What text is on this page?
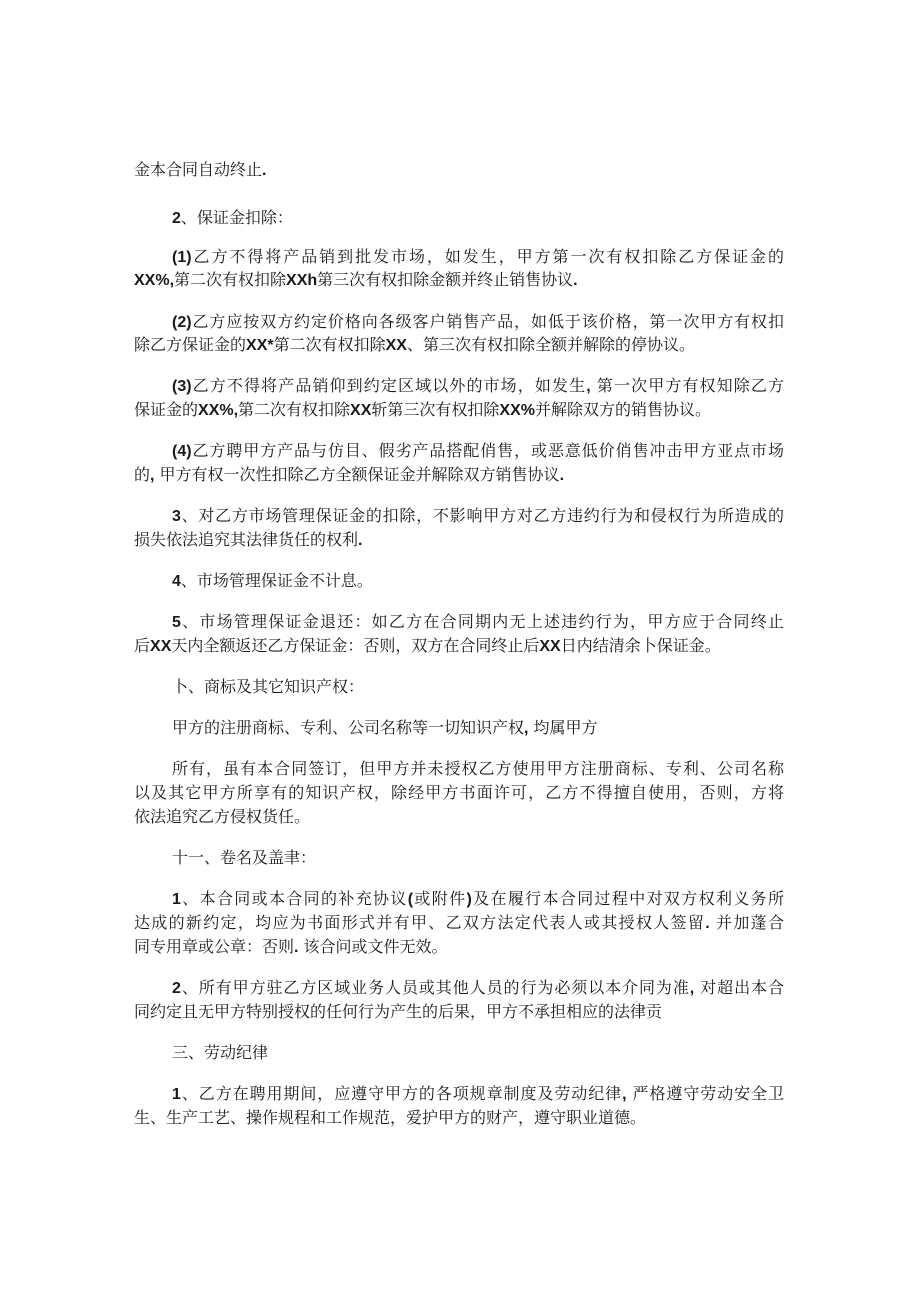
金本合同自动终止.
2、保证金扣除：
(1)乙方不得将产品销到批发市场，如发生，甲方第一次有权扣除乙方保证金的
XX%,第二次有权扣除XXh第三次有权扣除金额并终止销售协议.
(2)乙方应按双方约定价格向各级客户销售产品，如低于该价格，第一次甲方有权扣
除乙方保证金的XX*第二次有权扣除XX、第三次有权扣除全额并解除的停协议。
(3)乙方不得将产品销仰到约定区域以外的市场，如发生, 第一次甲方有权知除乙方
保证金的XX%,第二次有权扣除XX斩第三次有权扣除XX%并解除双方的销售协议。
(4)乙方聘甲方产品与仿目、假劣产品搭配俏售，或恶意低价俏售冲击甲方亚点市场
的, 甲方有权一次性扣除乙方全额保证金并解除双方销售协议.
3、对乙方市场管理保证金的扣除，不影响甲方对乙方违约行为和侵权行为所造成的
损失依法追究其法律货任的权利.
4、市场管理保证金不计息。
5、市场管理保证金退还：如乙方在合同期内无上述违约行为，甲方应于合同终止
后XX天内全额返还乙方保证金：否则，双方在合同终止后XX日内结清余卜保证金。
卜、商标及其它知识产权：
甲方的注册商标、专利、公司名称等一切知识产权, 均属甲方
所有，虽有本合同签订，但甲方并未授权乙方使用甲方注册商标、专利、公司名称
以及其它甲方所享有的知识产权，除经甲方书面许可，乙方不得擅自使用，否则，方将
依法追究乙方侵权货任。
十一、卷名及盖聿：
1、本合同或本合同的补充协议(或附件)及在履行本合同过程中对双方权利义务所
达成的新约定，均应为书面形式并有甲、乙双方法定代表人或其授权人签留. 并加蓬合
同专用章或公章：否则. 该合问或文件无效。
2、所有甲方驻乙方区域业务人员或其他人员的行为必须以本介同为准, 对超出本合
同约定且无甲方特别授权的任何行为产生的后果，甲方不承担相应的法律贡
三、劳动纪律
1、乙方在聘用期间，应遵守甲方的各项规章制度及劳动纪律, 严格遵守劳动安全卫
生、生产工艺、操作规程和工作规范，爱护甲方的财产，遵守职业道德。
